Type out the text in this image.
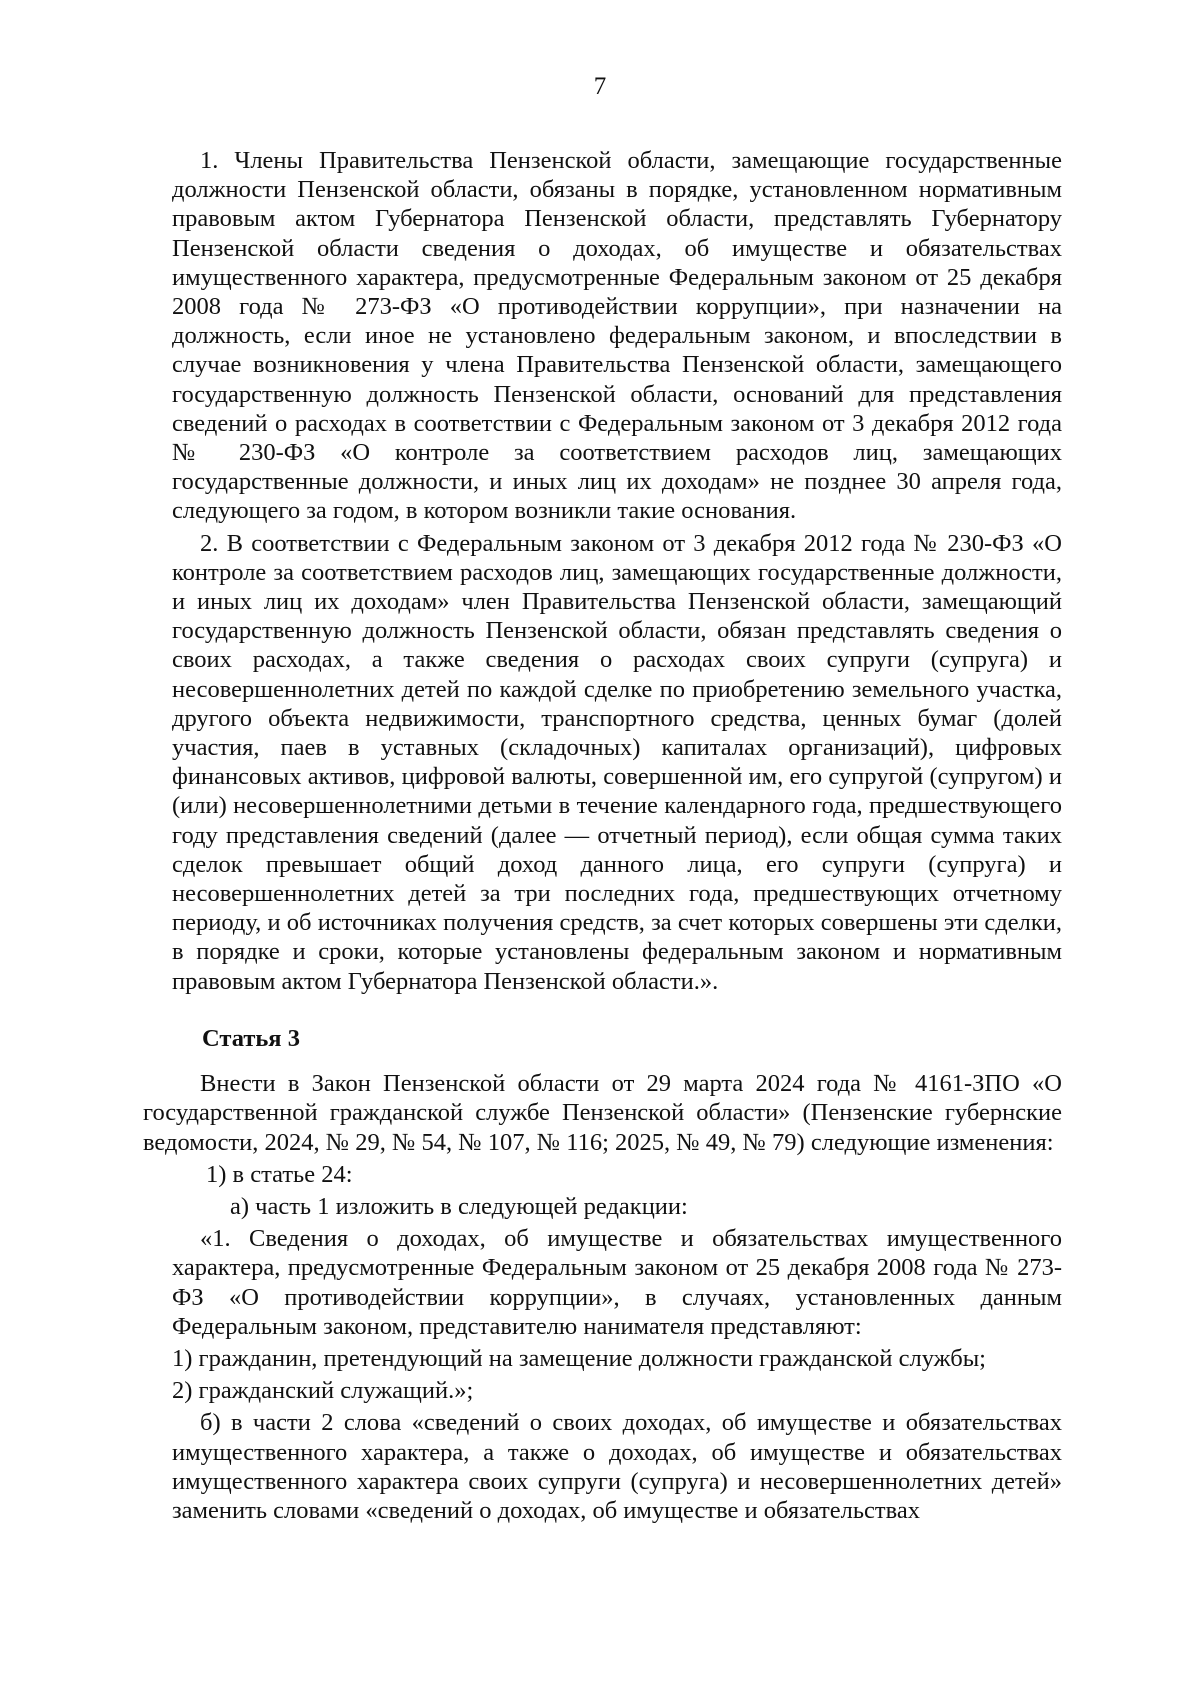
7

1. Члены Правительства Пензенской области, замещающие государственные должности Пензенской области, обязаны в порядке, установленном нормативным правовым актом Губернатора Пензенской области, представлять Губернатору Пензенской области сведения о доходах, об имуществе и обязательствах имущественного характера, предусмотренные Федеральным законом от 25 декабря 2008 года № 273-ФЗ «О противодействии коррупции», при назначении на должность, если иное не установлено федеральным законом, и впоследствии в случае возникновения у члена Правительства Пензенской области, замещающего государственную должность Пензенской области, оснований для представления сведений о расходах в соответствии с Федеральным законом от 3 декабря 2012 года № 230-ФЗ «О контроле за соответствием расходов лиц, замещающих государственные должности, и иных лиц их доходам» не позднее 30 апреля года, следующего за годом, в котором возникли такие основания.

2. В соответствии с Федеральным законом от 3 декабря 2012 года № 230-ФЗ «О контроле за соответствием расходов лиц, замещающих государственные должности, и иных лиц их доходам» член Правительства Пензенской области, замещающий государственную должность Пензенской области, обязан представлять сведения о своих расходах, а также сведения о расходах своих супруги (супруга) и несовершеннолетних детей по каждой сделке по приобретению земельного участка, другого объекта недвижимости, транспортного средства, ценных бумаг (долей участия, паев в уставных (складочных) капиталах организаций), цифровых финансовых активов, цифровой валюты, совершенной им, его супругой (супругом) и (или) несовершеннолетними детьми в течение календарного года, предшествующего году представления сведений (далее — отчетный период), если общая сумма таких сделок превышает общий доход данного лица, его супруги (супруга) и несовершеннолетних детей за три последних года, предшествующих отчетному периоду, и об источниках получения средств, за счет которых совершены эти сделки, в порядке и сроки, которые установлены федеральным законом и нормативным правовым актом Губернатора Пензенской области.».

Статья 3

Внести в Закон Пензенской области от 29 марта 2024 года № 4161-ЗПО «О государственной гражданской службе Пензенской области» (Пензенские губернские ведомости, 2024, № 29, № 54, № 107, № 116; 2025, № 49, № 79) следующие изменения:

1) в статье 24:
а) часть 1 изложить в следующей редакции:

«1. Сведения о доходах, об имуществе и обязательствах имущественного характера, предусмотренные Федеральным законом от 25 декабря 2008 года № 273-ФЗ «О противодействии коррупции», в случаях, установленных данным Федеральным законом, представителю нанимателя представляют:

1) гражданин, претендующий на замещение должности гражданской службы;
2) гражданский служащий.»;

б) в части 2 слова «сведений о своих доходах, об имуществе и обязательствах имущественного характера, а также о доходах, об имуществе и обязательствах имущественного характера своих супруги (супруга) и несовершеннолетних детей» заменить словами «сведений о доходах, об имуществе и обязательствах
